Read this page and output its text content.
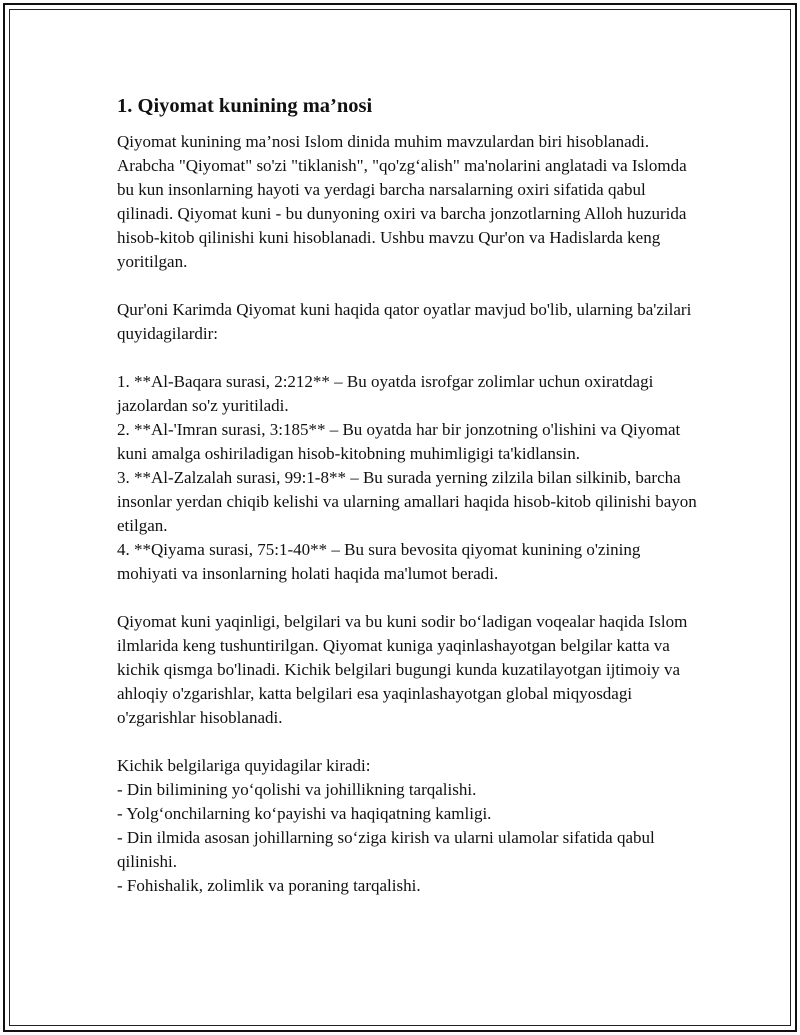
1. Qiyomat kunining ma’nosi

Qiyomat kunining ma’nosi Islom dinida muhim mavzulardan biri hisoblanadi. Arabcha "Qiyomat" so'zi "tiklanish", "qo'zg‘alish" ma'nolarini anglatadi va Islomda bu kun insonlarning hayoti va yerdagi barcha narsalarning oxiri sifatida qabul qilinadi. Qiyomat kuni - bu dunyoning oxiri va barcha jonzotlarning Alloh huzurida hisob-kitob qilinishi kuni hisoblanadi. Ushbu mavzu Qur'on va Hadislarda keng yoritilgan.

Qur'oni Karimda Qiyomat kuni haqida qator oyatlar mavjud bo'lib, ularning ba'zilari quyidagilardir:

1. **Al-Baqara surasi, 2:212** – Bu oyatda isrofgar zolimlar uchun oxiratdagi jazolardan so'z yuritiladi.

2. **Al-'Imran surasi, 3:185** – Bu oyatda har bir jonzotning o'lishini va Qiyomat kuni amalga oshiriladigan hisob-kitobning muhimligigi ta'kidlansin.

3. **Al-Zalzalah surasi, 99:1-8** – Bu surada yerning zilzila bilan silkinib, barcha insonlar yerdan chiqib kelishi va ularning amallari haqida hisob-kitob qilinishi bayon etilgan.

4. **Qiyama surasi, 75:1-40** – Bu sura bevosita qiyomat kunining o'zining mohiyati va insonlarning holati haqida ma'lumot beradi.

Qiyomat kuni yaqinligi, belgilari va bu kuni sodir bo‘ladigan voqealar haqida Islom ilmlarida keng tushuntirilgan. Qiyomat kuniga yaqinlashayotgan belgilar katta va kichik qismga bo'linadi. Kichik belgilari bugungi kunda kuzatilayotgan ijtimoiy va ahloqiy o'zgarishlar, katta belgilari esa yaqinlashayotgan global miqyosdagi o'zgarishlar hisoblanadi.

Kichik belgilariga quyidagilar kiradi:

- Din bilimining yo‘qolishi va johillikning tarqalishi.

- Yolg‘onchilarning ko‘payishi va haqiqatning kamligi.

- Din ilmida asosan johillarning so‘ziga kirish va ularni ulamolar sifatida qabul qilinishi.

- Fohishalik, zolimlik va poraning tarqalishi.
